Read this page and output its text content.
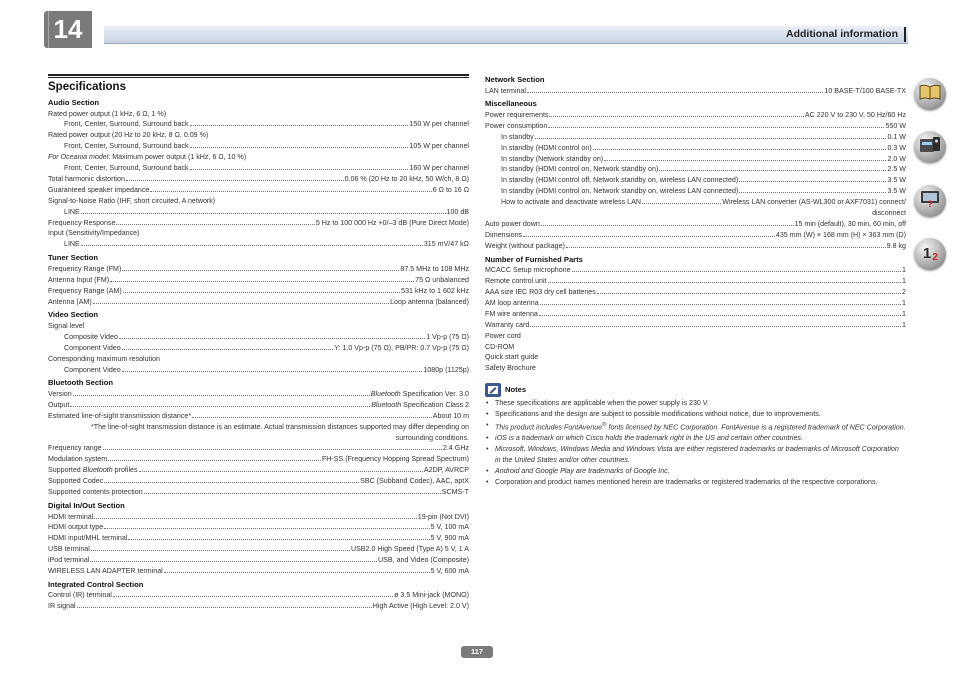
14	Additional information
Specifications
Audio Section
Rated power output (1 kHz, 6 Ω, 1 %)
Front, Center, Surround, Surround back	150 W per channel
Rated power output (20 Hz to 20 kHz, 8 Ω, 0.09 %)
Front, Center, Surround, Surround back	105 W per channel
For Oceania model: Maximum power output (1 kHz, 6 Ω, 10 %)
Front, Center, Surround, Surround back	160 W per channel
Total harmonic distortion	0.06 % (20 Hz to 20 kHz, 50 W/ch, 8 Ω)
Guaranteed speaker impedance	6 Ω to 16 Ω
Signal-to-Noise Ratio (IHF, short circuited, A network)
LINE	100 dB
Frequency Response	5 Hz to 100 000 Hz +0/–3 dB (Pure Direct Mode)
Input (Sensitivity/Impedance)
LINE	315 mV/47 kΩ
Tuner Section
Frequency Range (FM)	87.5 MHz to 108 MHz
Antenna Input (FM)	75 Ω unbalanced
Frequency Range (AM)	531 kHz to 1 602 kHz
Antenna (AM)	Loop antenna (balanced)
Video Section
Signal level
Composite Video	1 Vp-p (75 Ω)
Component Video	Y: 1.0 Vp-p (75 Ω), PB/PR: 0.7 Vp-p (75 Ω)
Corresponding maximum resolution
Component Video	1080p (1125p)
Bluetooth Section
Version	Bluetooth Specification Ver. 3.0
Output	Bluetooth Specification Class 2
Estimated line-of-sight transmission distance*	About 10 m
*The line-of-sight transmission distance is an estimate. Actual transmission distances supported may differ depending on surrounding conditions.
Frequency range	2.4 GHz
Modulation system	FH-SS (Frequency Hopping Spread Spectrum)
Supported Bluetooth profiles	A2DP, AVRCP
Supported Codec	SBC (Subband Codec), AAC, aptX
Supported contents protection	SCMS-T
Digital In/Out Section
HDMI terminal	19-pin (Not DVI)
HDMI output type	5 V, 100 mA
HDMI input/MHL terminal	5 V, 900 mA
USB terminal	USB2.0 High Speed (Type A) 5 V, 1 A
iPod terminal	USB, and Video (Composite)
WIRELESS LAN ADAPTER terminal	5 V, 600 mA
Integrated Control Section
Control (IR) terminal	ø 3.5 Mini-jack (MONO)
IR signal	High Active (High Level: 2.0 V)
Network Section
LAN terminal	10 BASE-T/100 BASE-TX
Miscellaneous
Power requirements	AC 220 V to 230 V, 50 Hz/60 Hz
Power consumption	550 W
In standby	0.1 W
In standby (HDMI control on)	0.3 W
In standby (Network standby on)	2.0 W
In standby (HDMI control on, Network standby on)	2.5 W
In standby (HDMI control off, Network standby on, wireless LAN connected)	3.5 W
In standby (HDMI control on, Network standby on, wireless LAN connected)	3.5 W
How to activate and deactivate wireless LAN	Wireless LAN converter (AS-WL300 or AXF7031) connect/
disconnect
Auto power down	15 min (default), 30 min, 60 min, off
Dimensions	435 mm (W) × 168 mm (H) × 363 mm (D)
Weight (without package)	9.8 kg
Number of Furnished Parts
MCACC Setup microphone	1
Remote control unit	1
AAA size IEC R03 dry cell batteries	2
AM loop antenna	1
FM wire antenna	1
Warranty card	1
Power cord
CD-ROM
Quick start guide
Safety Brochure
Notes
• These specifications are applicable when the power supply is 230 V.
• Specifications and the design are subject to possible modifications without notice, due to improvements.
• This product includes FontAvenue® fonts licensed by NEC Corporation. FontAvenue is a registered trademark of NEC Corporation.
• iOS is a trademark on which Cisco holds the trademark right in the US and certain other countries.
• Microsoft, Windows, Windows Media and Windows Vista are either registered trademarks or trademarks of Microsoft Corporation in the United States and/or other countries.
• Android and Google Play are trademarks of Google Inc.
• Corporation and product names mentioned herein are trademarks or registered trademarks of the respective corporations.
117
?
1 2
